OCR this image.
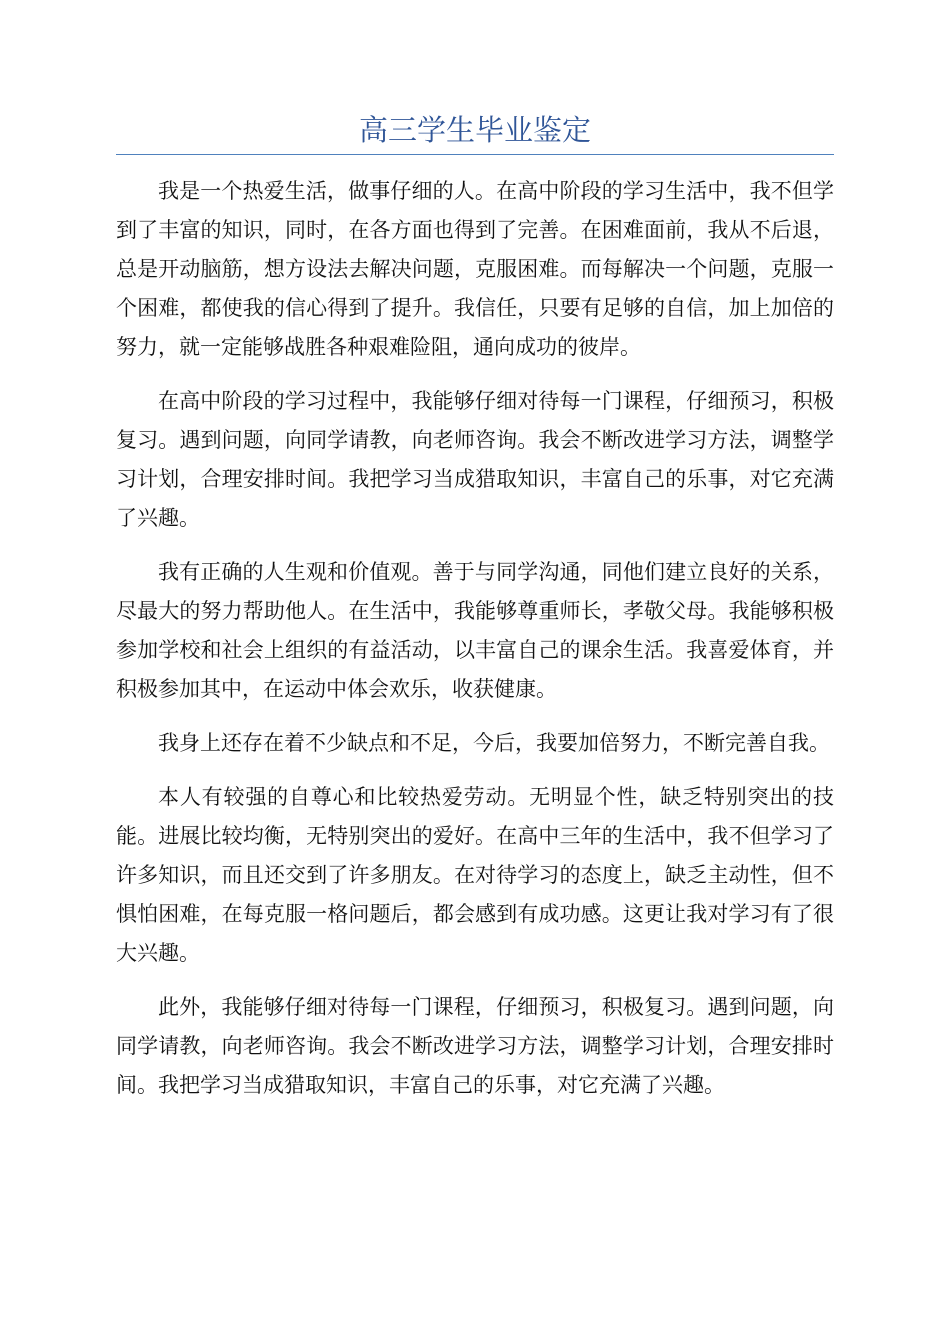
高三学生毕业鉴定

我是一个热爱生活，做事仔细的人。在高中阶段的学习生活中，我不但学到了丰富的知识，同时，在各方面也得到了完善。在困难面前，我从不后退，总是开动脑筋，想方设法去解决问题，克服困难。而每解决一个问题，克服一个困难，都使我的信心得到了提升。我信任，只要有足够的自信，加上加倍的努力，就一定能够战胜各种艰难险阻，通向成功的彼岸。

在高中阶段的学习过程中，我能够仔细对待每一门课程，仔细预习，积极复习。遇到问题，向同学请教，向老师咨询。我会不断改进学习方法，调整学习计划，合理安排时间。我把学习当成猎取知识，丰富自己的乐事，对它充满了兴趣。

我有正确的人生观和价值观。善于与同学沟通，同他们建立良好的关系，尽最大的努力帮助他人。在生活中，我能够尊重师长，孝敬父母。我能够积极参加学校和社会上组织的有益活动，以丰富自己的课余生活。我喜爱体育，并积极参加其中，在运动中体会欢乐，收获健康。

我身上还存在着不少缺点和不足，今后，我要加倍努力，不断完善自我。

本人有较强的自尊心和比较热爱劳动。无明显个性，缺乏特别突出的技能。进展比较均衡，无特别突出的爱好。在高中三年的生活中，我不但学习了许多知识，而且还交到了许多朋友。在对待学习的态度上，缺乏主动性，但不惧怕困难，在每克服一格问题后，都会感到有成功感。这更让我对学习有了很大兴趣。

此外，我能够仔细对待每一门课程，仔细预习，积极复习。遇到问题，向同学请教，向老师咨询。我会不断改进学习方法，调整学习计划，合理安排时间。我把学习当成猎取知识，丰富自己的乐事，对它充满了兴趣。
